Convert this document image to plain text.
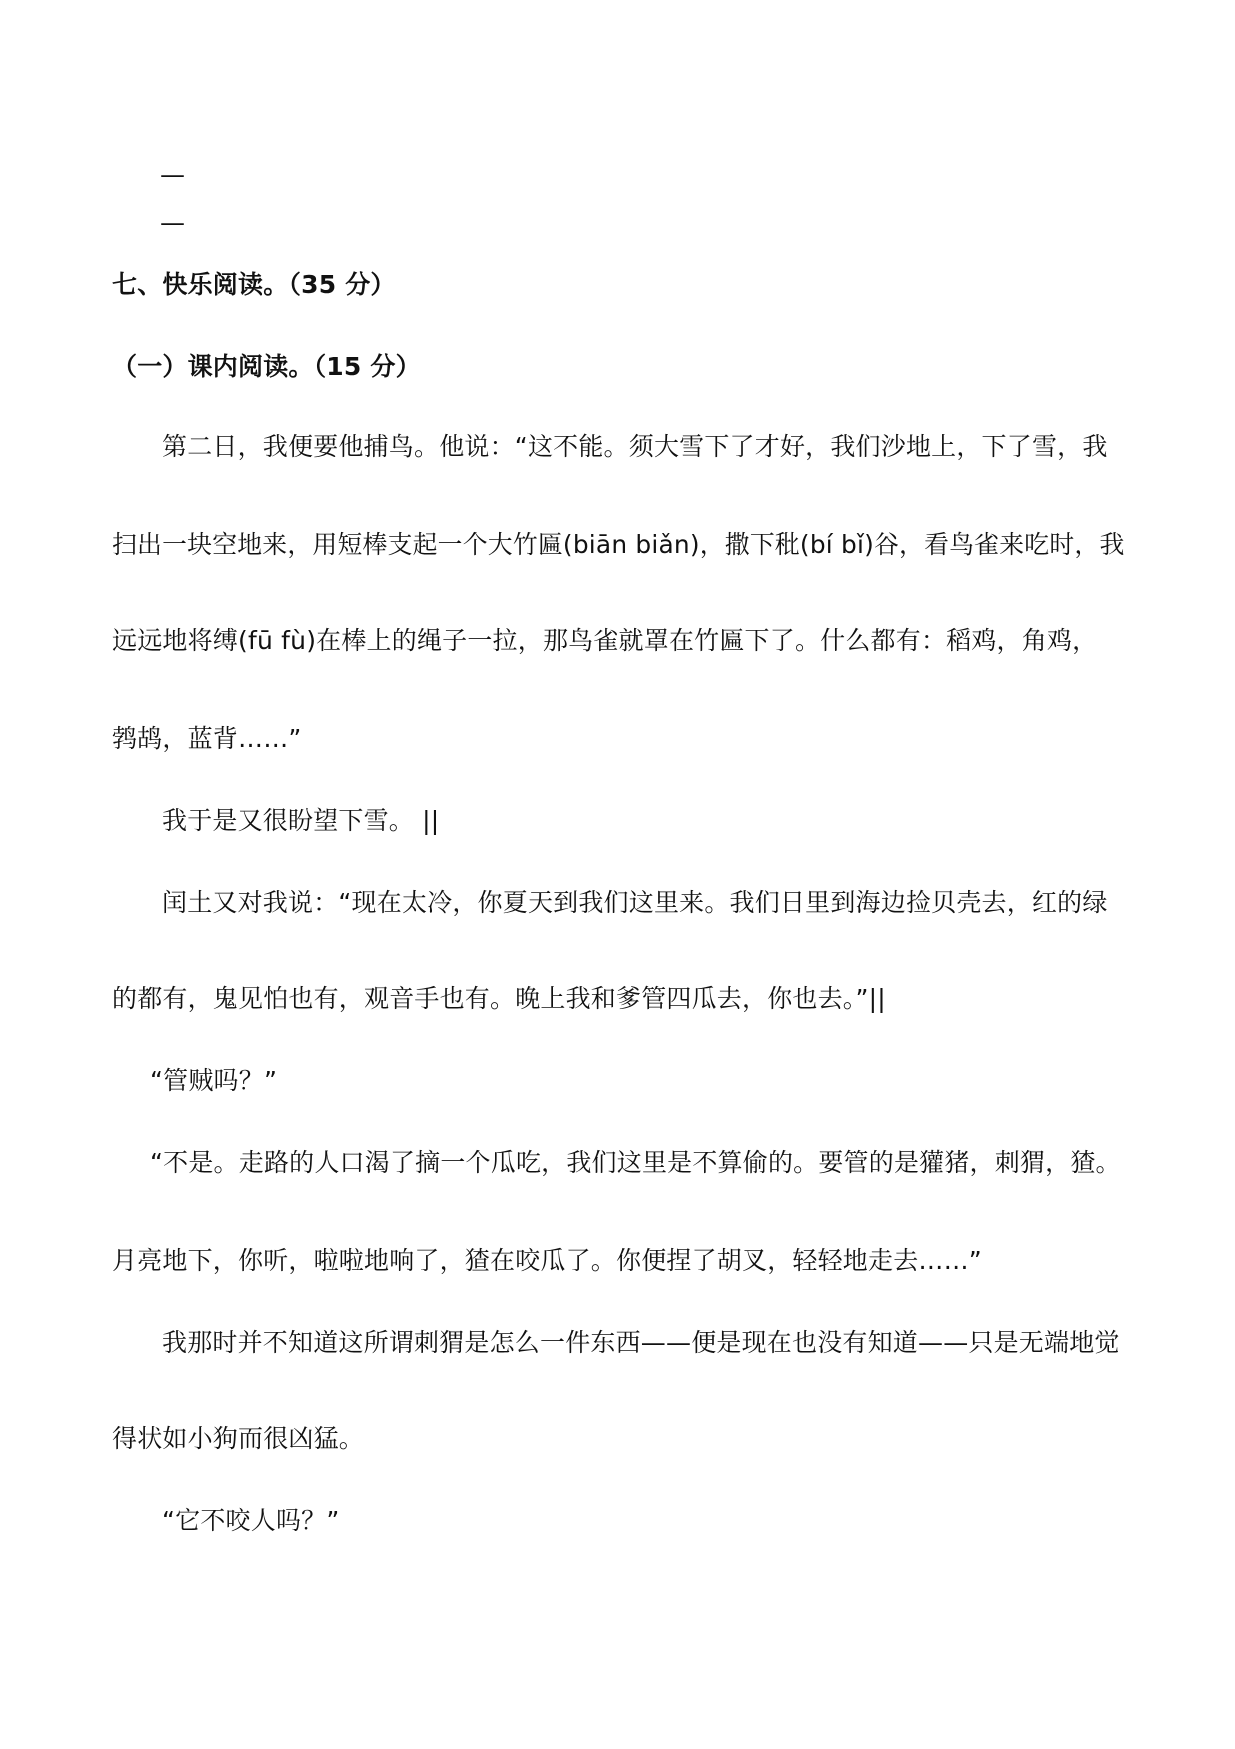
—
—
七、快乐阅读。（35 分）
（一）课内阅读。（15 分）
第二日，我便要他捕鸟。他说：“这不能。须大雪下了才好，我们沙地上，下了雪，我
扫出一块空地来，用短棒支起一个大竹匾(biān biǎn)，撒下秕(bí bǐ)谷，看鸟雀来吃时，我
远远地将缚(fū fù)在棒上的绳子一拉，那鸟雀就罩在竹匾下了。什么都有：稻鸡，角鸡，
鹁鸪，蓝背……”
我于是又很盼望下雪。 ||
闰土又对我说：“现在太冷，你夏天到我们这里来。我们日里到海边捡贝壳去，红的绿
的都有，鬼见怕也有，观音手也有。晚上我和爹管四瓜去，你也去。”||
“管贼吗？”
“不是。走路的人口渴了摘一个瓜吃，我们这里是不算偷的。要管的是獾猪，刺猬，猹。
月亮地下，你听，啦啦地响了，猹在咬瓜了。你便捏了胡叉，轻轻地走去……”
我那时并不知道这所谓刺猬是怎么一件东西——便是现在也没有知道——只是无端地觉
得状如小狗而很凶猛。
“它不咬人吗？”
